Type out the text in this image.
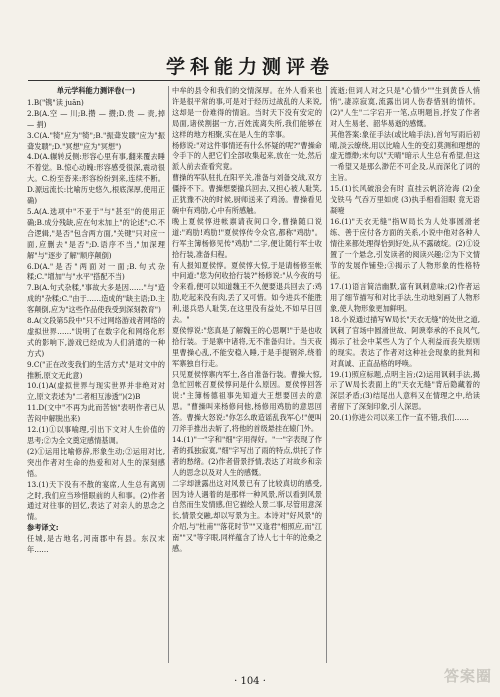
学科能力测评卷

单元学科能力测评卷(一)

1.B("镌"读 juān)

2.B(A.空 — 川;B.攒 — 攒;D.贵 — 责,掉 — 捐)

3.C(A."犄"应为"犄";B."振聋发聩"应为"振聋发聩";D."冥想"应为"冥想")

4.D(A.辗转反侧:形容心里有事,翻来覆去睡不着觉。B.惊心动魄:形容感受很深,震动很大。C.纷至沓来:形容纷纷到来,连续不断。D.源远流长:比喻历史悠久,根底深厚,使用正确)

5.A(A.选项中"不亚于"与"甚至"的使用正确;B.成分残缺,应在句末加上"的论述";C.不合逻辑,"是否"包含两方面,"关键"只对应一面,应删去"是否";D.语序不当,"加深理解"与"逐步了解"顺序颠倒)

6.D(A."是否"两面对一面;B.句式杂糅;C."增加"与"水平"搭配不当)

7.B(A.句式杂糅,"事故大多是因……"与"造成的"杂糅;C."由于……造成的"缺主语;D.主客颠倒,应为"这些作品使我受到深刻教育")

8.A(文段第5段中"只不过网络游戏者网络的虚拟世界……"说明了在数字化和网络化形式的影响下,游戏已经成为人们消遣的一种方式)

9.C("正在改变我们的生活方式"是对文中的推断,原文无此意)

10.(1)A(虚拟世界与现实世界并非绝对对立,原文表述为"二者相互渗透")(2)B

11.D(文中"不再为此而苦恼"表明作者已从苦闷中解脱出来)

12.(1)①以事喻理,引出下文对人生价值的思考;②为全文奠定感情基调。

(2)①运用比喻修辞,形象生动;②运用对比,突出作者对生命的热爱和对人生的深刻感悟。

13.(1)天下没有不散的宴席,人生总有离别之时,我们应当珍惜眼前的人和事。(2)作者通过对往事的回忆,表达了对亲人的思念之情。

参考译文:

任城,是古地名,河南郡中有县。东汉末年……

中牟的县令和我们的交情深厚。在外人看来也许是很平常的事,可是对于经历过战乱的人来说,这却是一份难得的情谊。当时天下没有安定的局面,诸侯割据一方,百姓流离失所,我们能够在这样的地方相聚,实在是人生的幸事。

杨修说:"对这件事情还有什么怀疑的呢?"曹操命令手下的人把它们全部收集起来,放在一处,然后派人前去查看究竟。

曹操的军队驻扎在阳平关,准备与刘备交战,双方僵持不下。曹操想要撤兵回去,又担心被人耻笑,正犹豫不决的时候,厨师送来了鸡汤。曹操看见碗中有鸡肋,心中有所感触。

晚上夏侯惇进帐禀请夜间口令,曹操随口说道:"鸡肋!鸡肋!"夏侯惇传令众官,都称"鸡肋"。行军主簿杨修见传"鸡肋"二字,便让随行军士收拾行装,准备归程。

有人报知夏侯惇。夏侯惇大惊,于是请杨修至帐中问道:"您为何收拾行装?"杨修说:"从今夜的号令来看,便可以知道魏王不久便要退兵回去了:鸡肋,吃起来没有肉,丢了又可惜。如今进兵不能胜利,退兵恐人耻笑,在这里没有益处,不如早日回去。"

夏侯惇说:"您真是了解魏王的心思啊!"于是也收拾行装。于是寨中诸将,无不准备归计。当天夜里曹操心乱,不能安稳入睡,于是手提钢斧,绕着军寨独自行走。

只见夏侯惇寨内军士,各自准备行装。曹操大惊,急忙回帐召夏侯惇问是什么原因。夏侯惇回答说:"主簿杨德祖事先知道大王想要回去的意思。"曹操叫来杨修问他,杨修用鸡肋的意思回答。曹操大怒说:"你怎么敢造谣乱我军心!"便叫刀斧手推出去斩了,将他的首级悬挂在辕门外。

14.(1)"一"字和"细"字用得好。"一"字表现了作者的孤独寂寞,"细"字写出了雨的特点,烘托了作者的愁绪。(2)作者借景抒情,表达了对故乡和亲人的思念以及对人生的感慨。

二字却泄露出这对风景已有了比较真切的感受,因为诗人遇着的是那样一种风景,所以看到风景自然而生发情感,但它描绘人景二事,尽管用意深长,情景交融,却以写景为主。本诗对"好风景"的介绍,与"杜甫""落花时节""又逢君"相照应,而"江南""又"等字眼,同样蕴含了诗人七十年的沧桑之感。

流逝;但词人对之只是"心情少""生到黄昏人悄悄",凄凉寂寞,流露出词人伤春惜别的情怀。(2)"人生"二字宕开一笔,点明题旨,抒发了作者对人生易老、韶华易逝的感慨。

其他答案:象征手法(或比喻手法),首句写雨后初晴,淡云缭绕,用以比喻人生的变幻莫测和理想的虚无缥缈;末句以"天晴"暗示人生总有希望,但这一希望又是那么渺茫不可企及,从而深化了词的主旨。

15.(1)长风破浪会有时 直挂云帆济沧海 (2)金戈铁马 气吞万里如虎 (3)执手相看泪眼 竟无语凝噎

16.(1)"天衣无缝"指W局长为人处事圆滑老练、善于应付各方面的关系,小说中他对各种人情往来都处理得恰到好处,从不露破绽。(2)①设置了一个悬念,引发读者的阅读兴趣;②为下文情节的发展作铺垫;③揭示了人物形象的性格特征。

17.(1)语言简洁幽默,富有讽刺意味;(2)作者运用了细节描写和对比手法,生动地刻画了人物形象,使人物形象更加鲜明。

18.小说通过描写W局长"天衣无缝"的处世之道,讽刺了官场中圆滑世故、阿谀奉承的不良风气,揭示了社会中某些人为了个人利益而丧失原则的现实。表达了作者对这种社会现象的批判和对真诚、正直品格的呼唤。

19.(1)照应标题,点明主旨;(2)运用讽刺手法,揭示了W局长表面上的"天衣无缝"背后隐藏着的深层矛盾;(3)结尾出人意料又在情理之中,给读者留下了深刻印象,引人深思。

20.(1)你进公司以来工作一直不错,我们……

· 104 ·	答案圈
